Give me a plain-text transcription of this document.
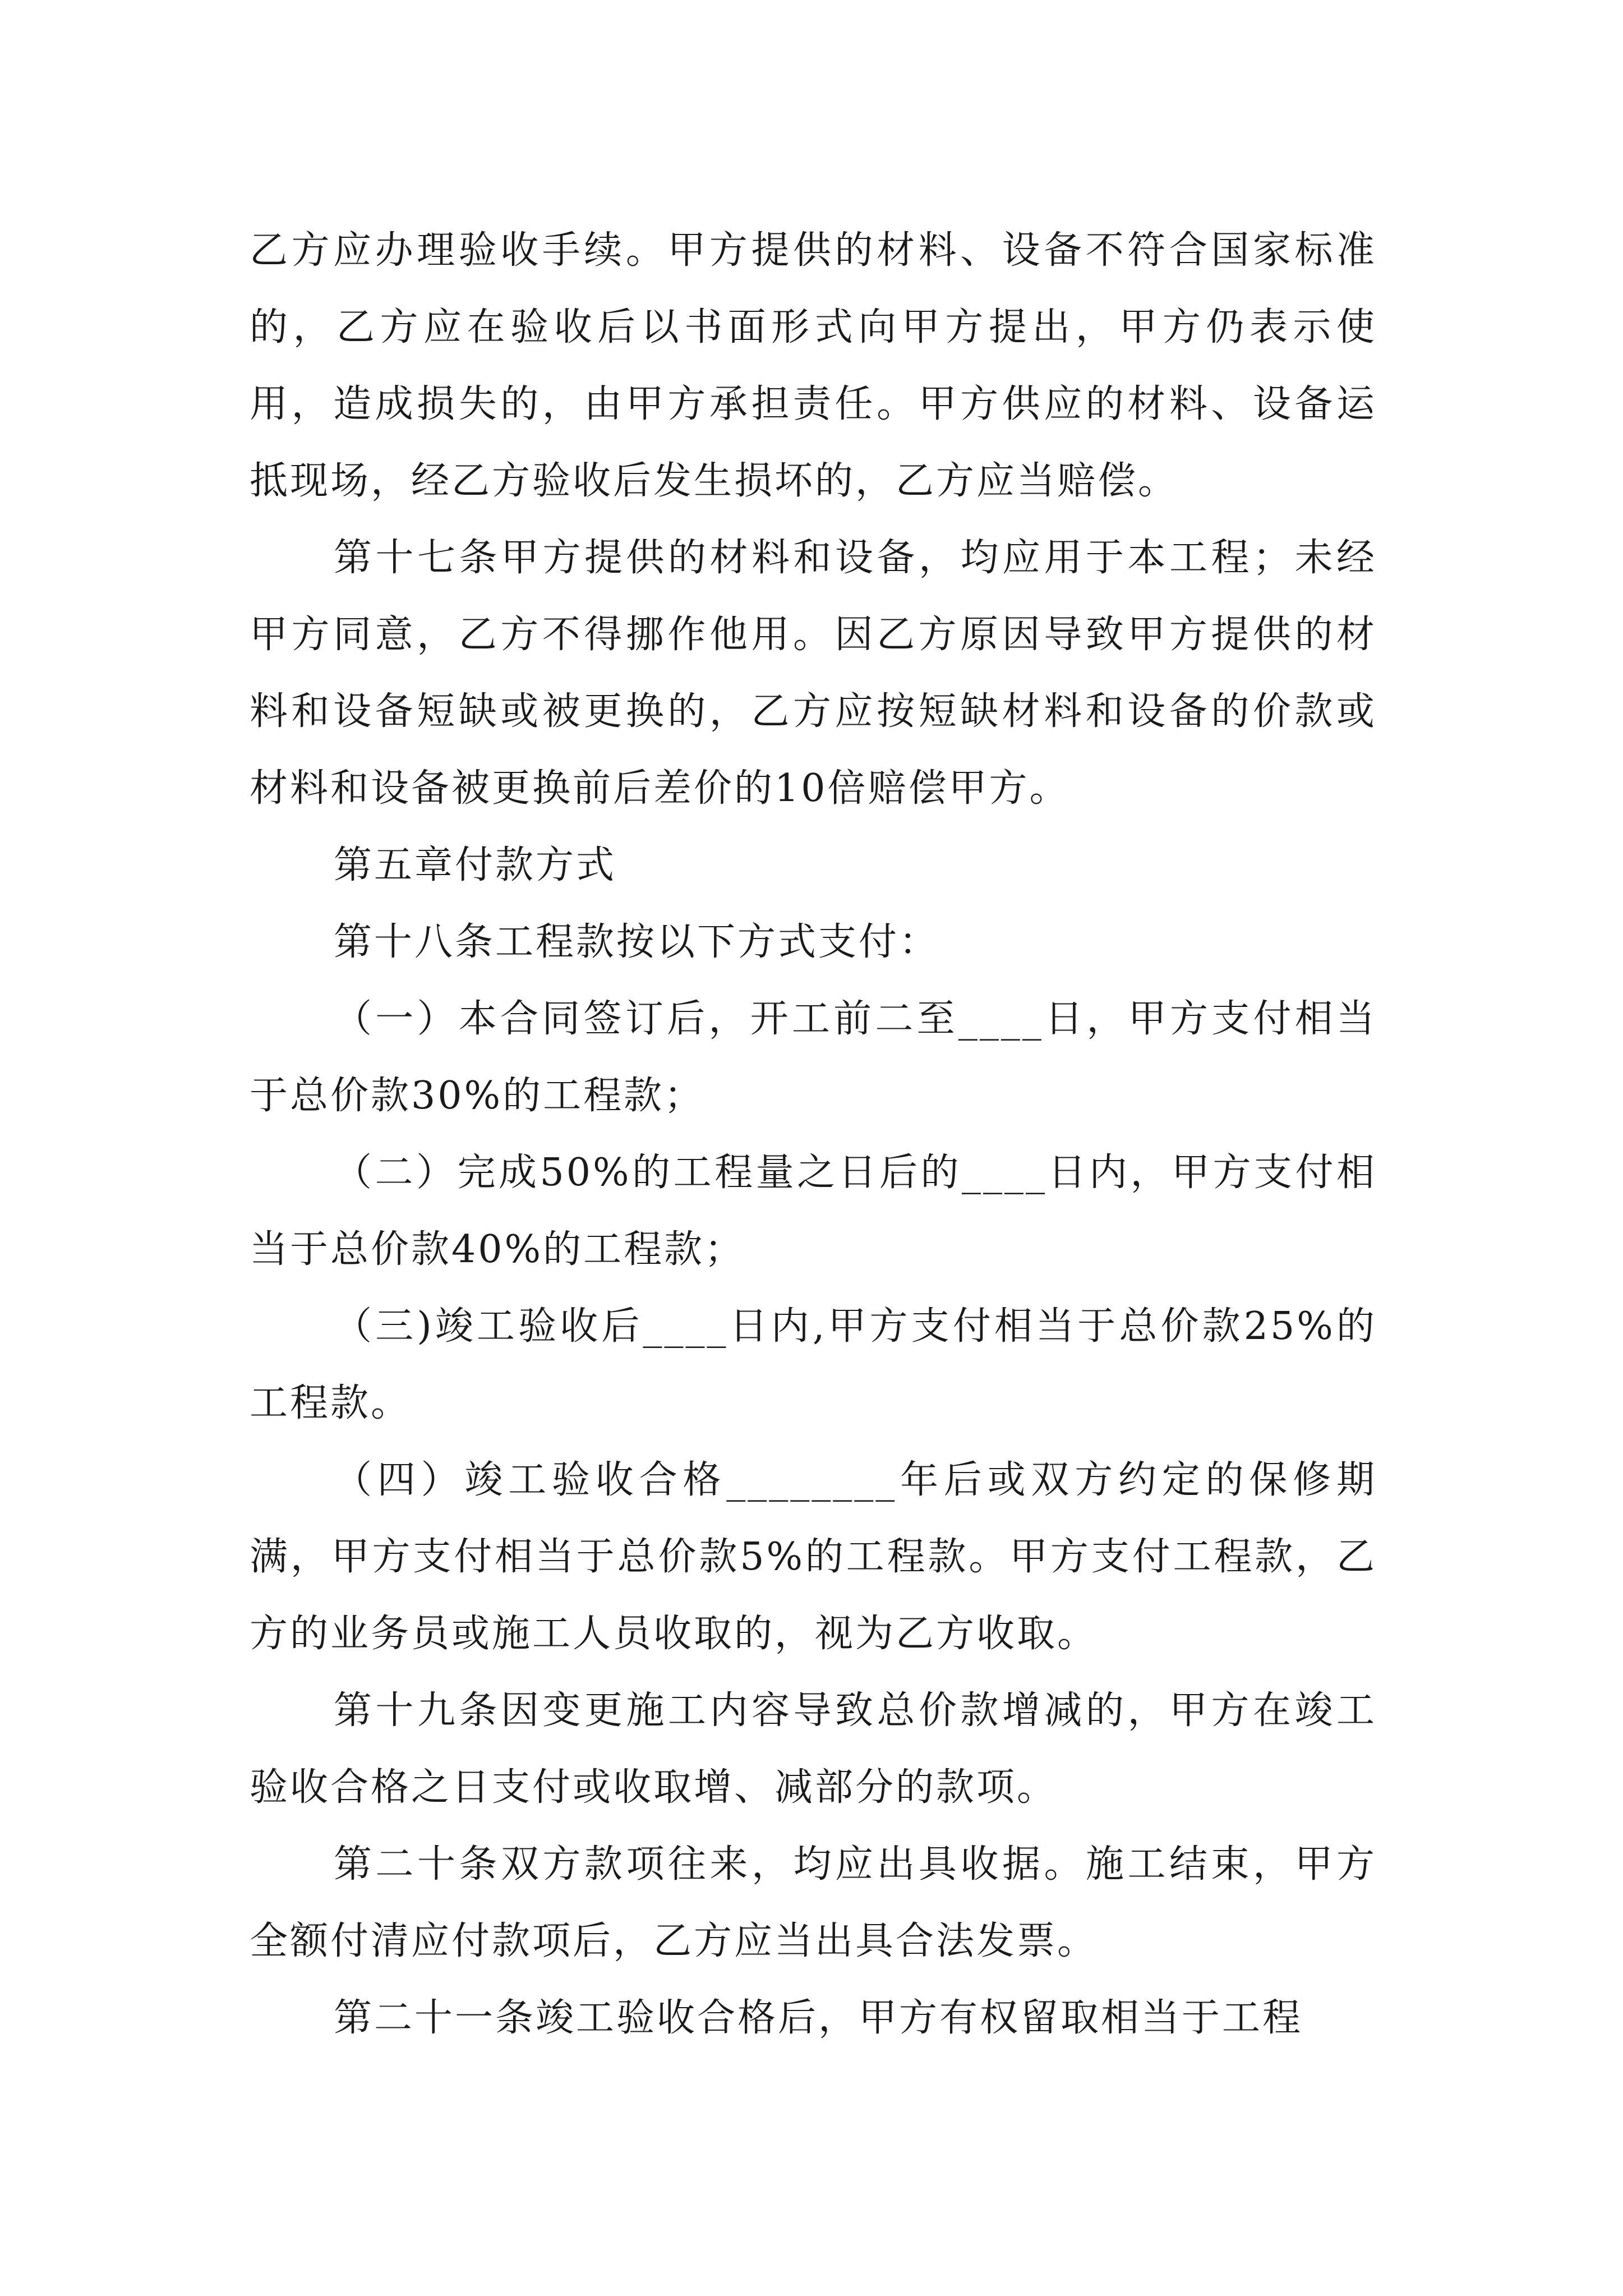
乙方应办理验收手续。甲方提供的材料、设备不符合国家标准的，乙方应在验收后以书面形式向甲方提出，甲方仍表示使用，造成损失的，由甲方承担责任。甲方供应的材料、设备运抵现场，经乙方验收后发生损坏的，乙方应当赔偿。

第十七条甲方提供的材料和设备，均应用于本工程；未经甲方同意，乙方不得挪作他用。因乙方原因导致甲方提供的材料和设备短缺或被更换的，乙方应按短缺材料和设备的价款或材料和设备被更换前后差价的10倍赔偿甲方。

第五章付款方式

第十八条工程款按以下方式支付：

（一）本合同签订后，开工前二至____日，甲方支付相当于总价款30%的工程款；

（二）完成50%的工程量之日后的____日内，甲方支付相当于总价款40%的工程款；

（三)竣工验收后____日内,甲方支付相当于总价款25%的工程款。

（四）竣工验收合格________年后或双方约定的保修期满，甲方支付相当于总价款5%的工程款。甲方支付工程款，乙方的业务员或施工人员收取的，视为乙方收取。

第十九条因变更施工内容导致总价款增减的，甲方在竣工验收合格之日支付或收取增、减部分的款项。

第二十条双方款项往来，均应出具收据。施工结束，甲方全额付清应付款项后，乙方应当出具合法发票。

第二十一条竣工验收合格后，甲方有权留取相当于工程
